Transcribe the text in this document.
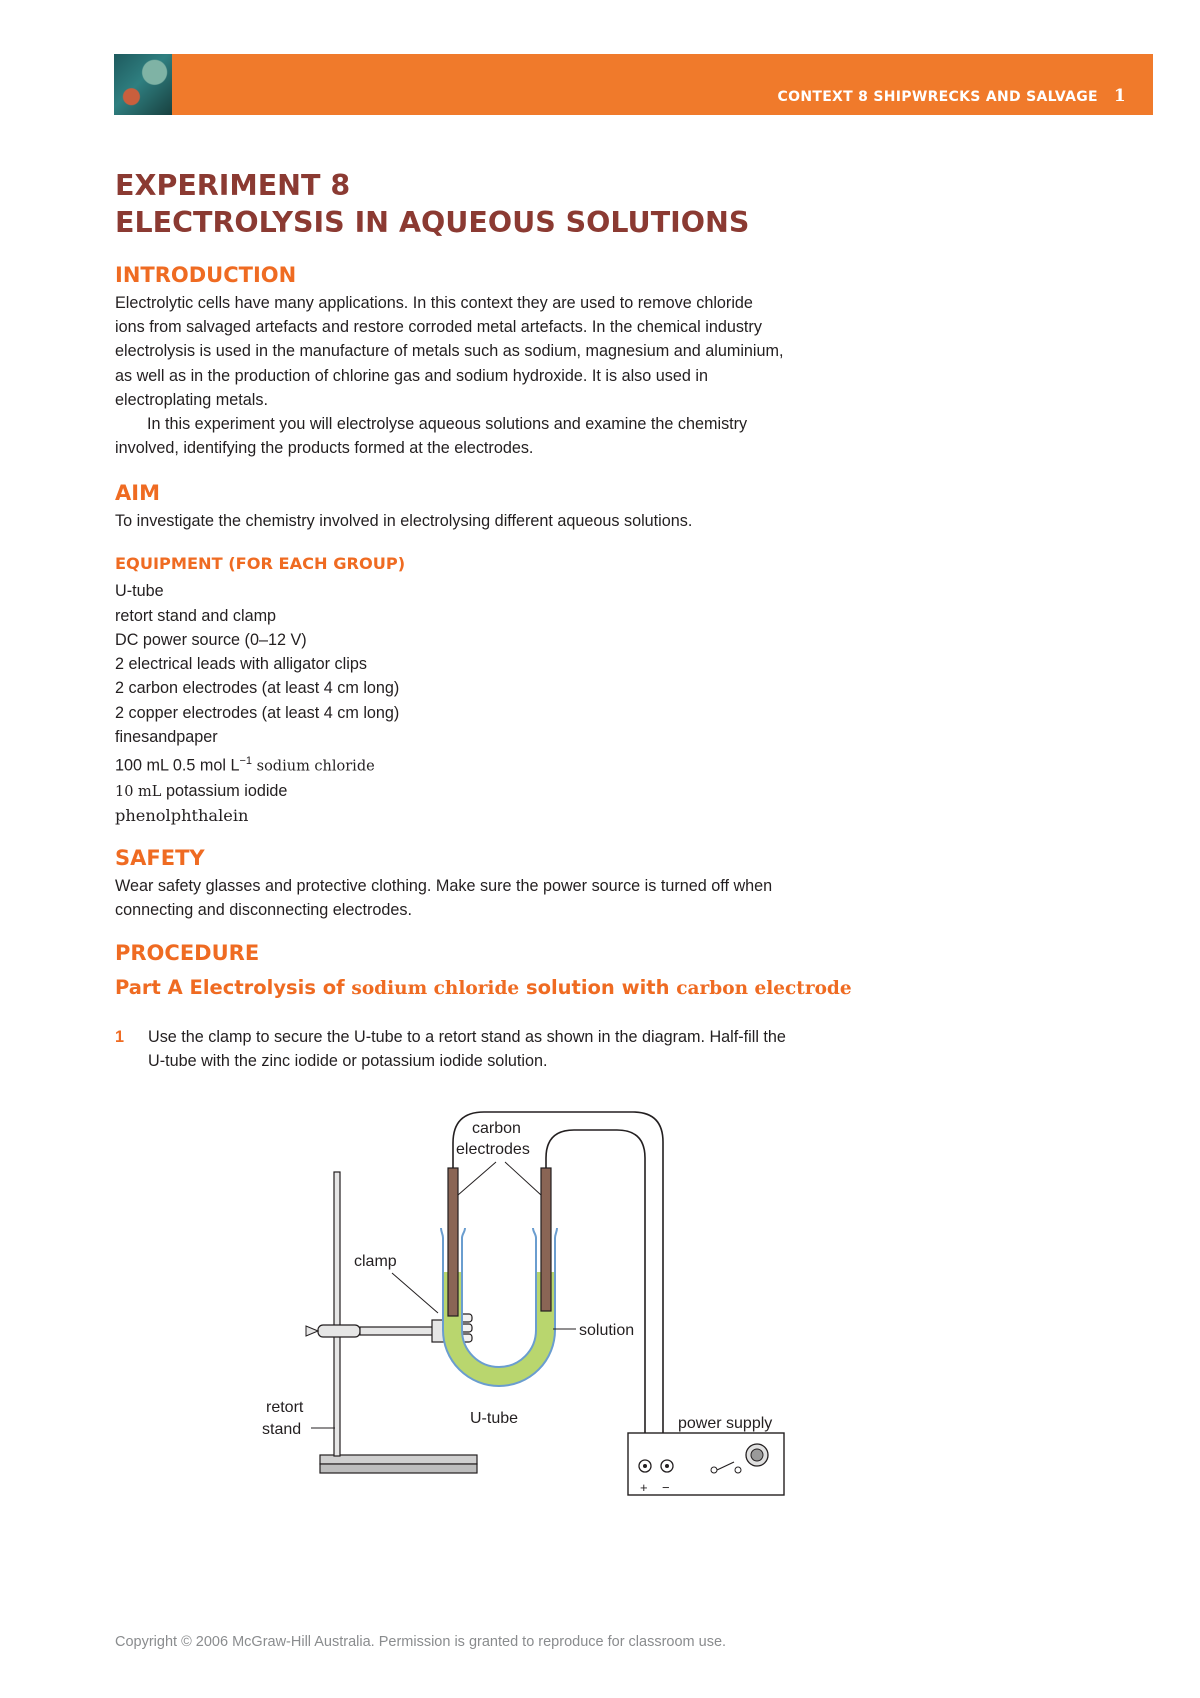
CONTEXT 8 SHIPWRECKS AND SALVAGE 1
EXPERIMENT 8
ELECTROLYSIS IN AQUEOUS SOLUTIONS
INTRODUCTION

Electrolytic cells have many applications. In this context they are used to remove chloride
ions from salvaged artefacts and restore corroded metal artefacts. In the chemical industry
electrolysis is used in the manufacture of metals such as sodium, magnesium and aluminium,
as well as in the production of chlorine gas and sodium hydroxide. It is also used in
electroplating metals.

In this experiment you will electrolyse aqueous solutions and examine the chemistry
involved, identifying the products formed at the electrodes.

AIM

To investigate the chemistry involved in electrolysing different aqueous solutions.

EQUIPMENT (FOR EACH GROUP)
U-tube
retort stand and clamp
DC power source (0–12 V)
2 electrical leads with alligator clips
2 carbon electrodes (at least 4 cm long)
2 copper electrodes (at least 4 cm long)
finesandpaper
100 mL 0.5 mol $L^{-1}$ sodium chloride
10 mL potassium iodide
phenolphthalein
SAFETY

Wear safety glasses and protective clothing. Make sure the power source is turned off when
connecting and disconnecting electrodes.

PROCEDURE
Part A Electrolysis of sodium chloride solution with carbon electrode
1 Use the clamp to secure the U-tube to a retort stand as shown in the diagram. Half-fill the
U-tube with the zinc iodide or potassium iodide solution.
+ −
carbon
electrodes
clamp
solution
retort
stand
U-tube	power supply
Copyright © 2006 McGraw-Hill Australia. Permission is granted to reproduce for classroom use.
